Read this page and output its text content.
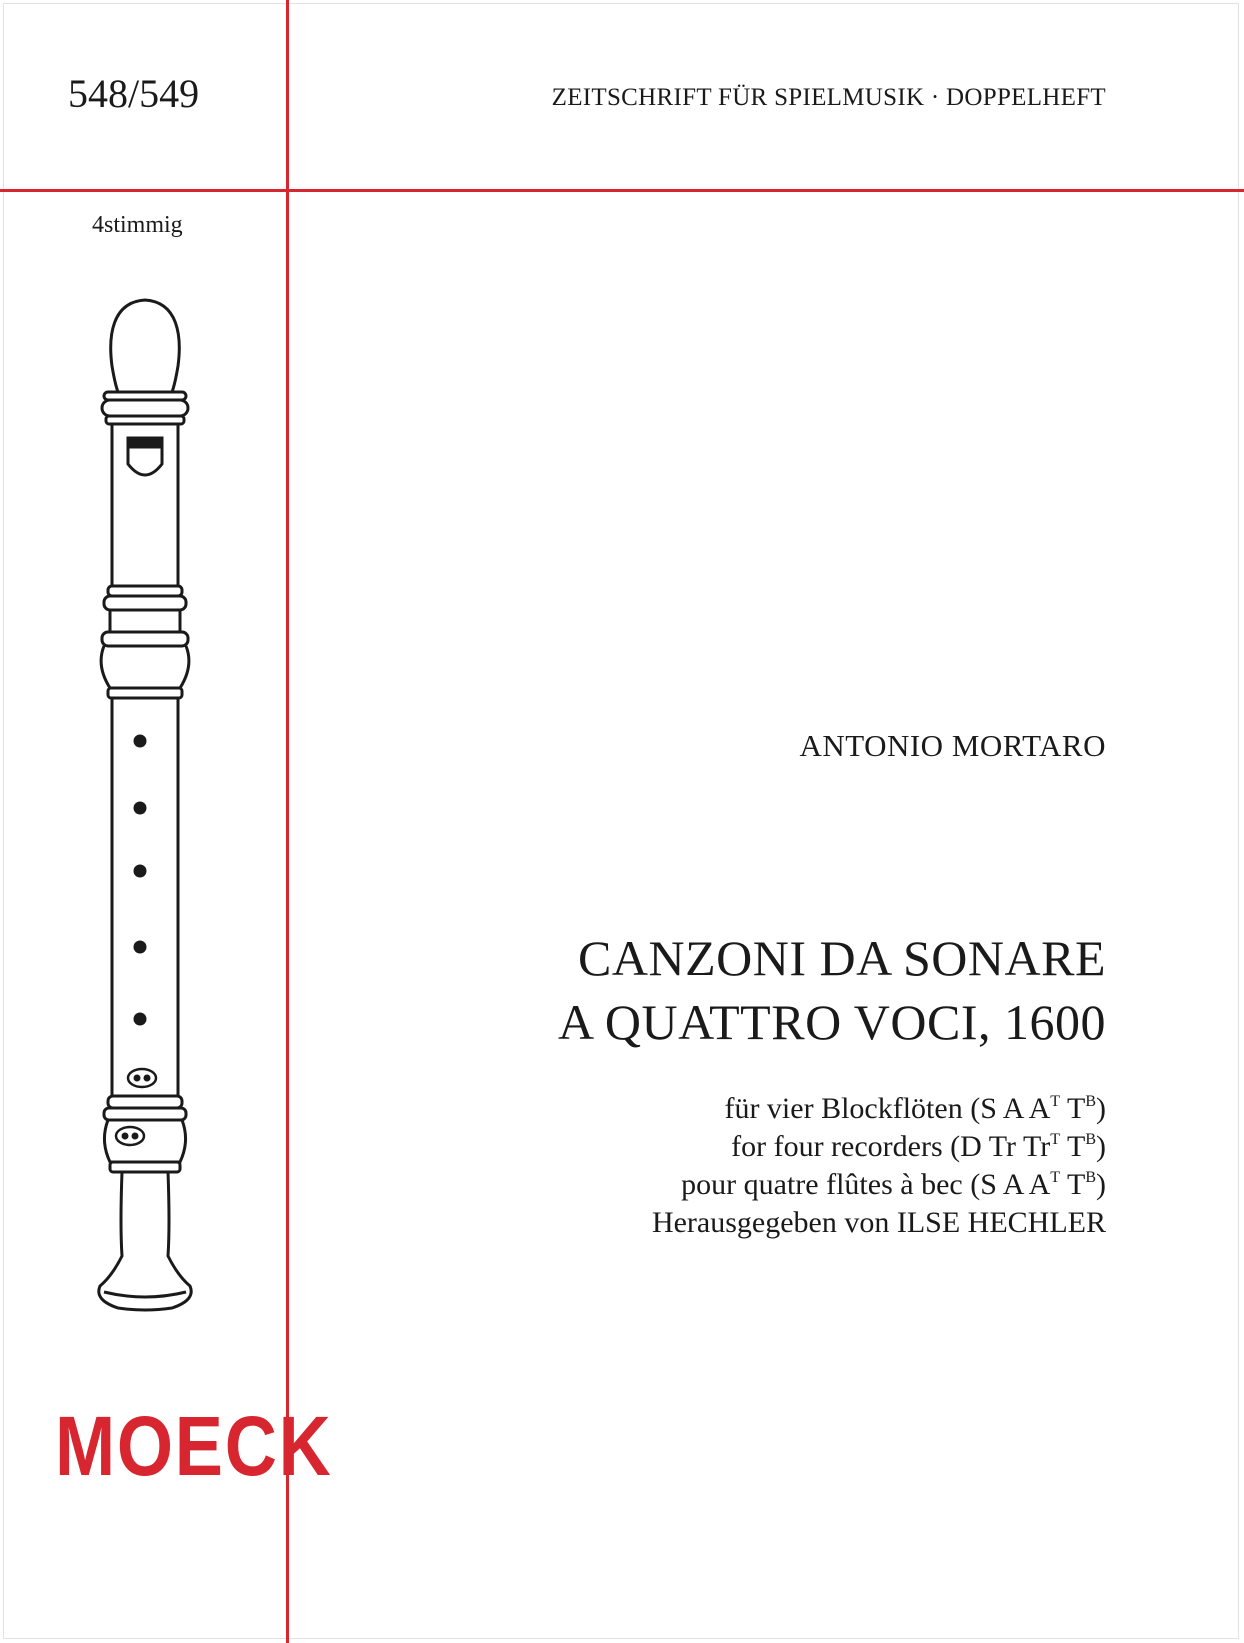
548/549	ZEITSCHRIFT FÜR SPIELMUSIK · DOPPELHEFT
4stimmig
MOECK
ANTONIO MORTARO
CANZONI DA SONARE
A QUATTRO VOCI, 1600
für vier Blockflöten (S A $A^T$ $T^B$)
for four recorders (D Tr $Tr^T$ $T^B$)
pour quatre flûtes à bec (S A $A^T$ $T^B$)
Herausgegeben von ILSE HECHLER
